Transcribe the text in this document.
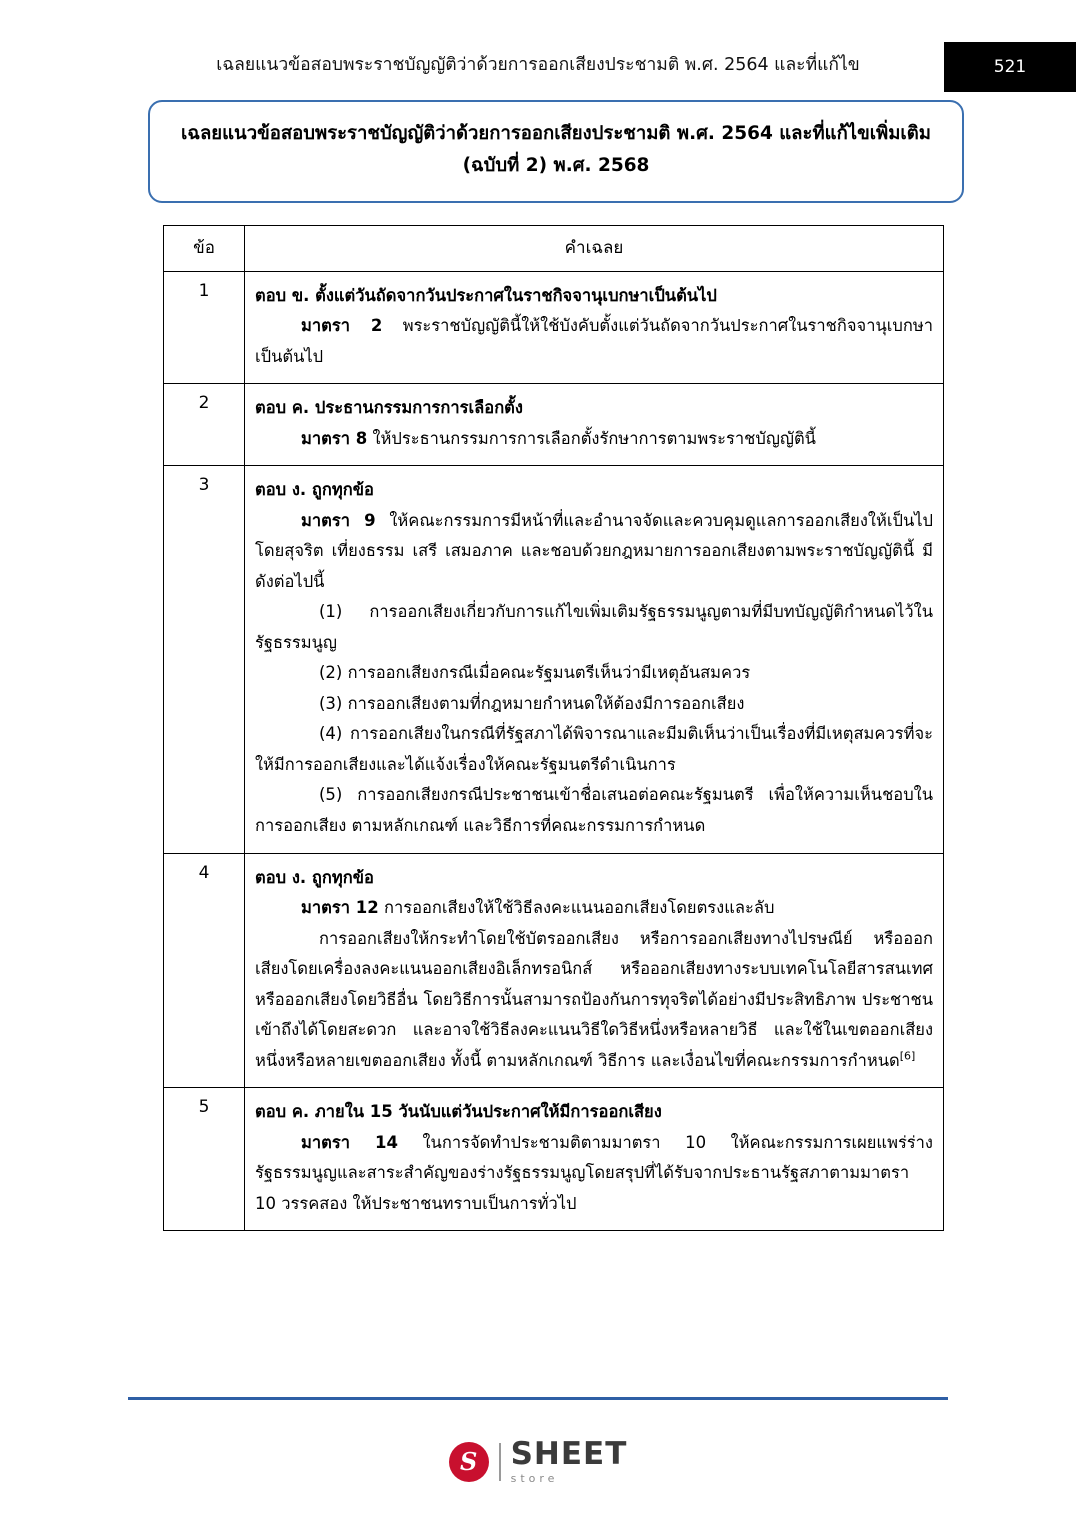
เฉลยแนวข้อสอบพระราชบัญญัติว่าด้วยการออกเสียงประชามติ พ.ศ. 2564 และที่แก้ไข	521
เฉลยแนวข้อสอบพระราชบัญญัติว่าด้วยการออกเสียงประชามติ พ.ศ. 2564 และที่แก้ไขเพิ่มเติม
(ฉบับที่ 2) พ.ศ. 2568
ข้อ	คำเฉลย
1	ตอบ ข. ตั้งแต่วันถัดจากวันประกาศในราชกิจจานุเบกษาเป็นต้นไป

มาตรา 2 พระราชบัญญัตินี้ให้ใช้บังคับตั้งแต่วันถัดจากวันประกาศในราชกิจจานุเบกษาเป็นต้นไป

2	ตอบ ค. ประธานกรรมการการเลือกตั้ง

มาตรา 8 ให้ประธานกรรมการการเลือกตั้งรักษาการตามพระราชบัญญัตินี้

3	ตอบ ง. ถูกทุกข้อ

มาตรา 9 ให้คณะกรรมการมีหน้าที่และอำนาจจัดและควบคุมดูแลการออกเสียงให้เป็นไปโดยสุจริต เที่ยงธรรม เสรี เสมอภาค และชอบด้วยกฎหมายการออกเสียงตามพระราชบัญญัตินี้ มีดังต่อไปนี้

(1) การออกเสียงเกี่ยวกับการแก้ไขเพิ่มเติมรัฐธรรมนูญตามที่มีบทบัญญัติกำหนดไว้ในรัฐธรรมนูญ

(2) การออกเสียงกรณีเมื่อคณะรัฐมนตรีเห็นว่ามีเหตุอันสมควร

(3) การออกเสียงตามที่กฎหมายกำหนดให้ต้องมีการออกเสียง

(4) การออกเสียงในกรณีที่รัฐสภาได้พิจารณาและมีมติเห็นว่าเป็นเรื่องที่มีเหตุสมควรที่จะให้มีการออกเสียงและได้แจ้งเรื่องให้คณะรัฐมนตรีดำเนินการ

(5) การออกเสียงกรณีประชาชนเข้าชื่อเสนอต่อคณะรัฐมนตรี เพื่อให้ความเห็นชอบในการออกเสียง ตามหลักเกณฑ์ และวิธีการที่คณะกรรมการกำหนด

4	ตอบ ง. ถูกทุกข้อ

มาตรา 12 การออกเสียงให้ใช้วิธีลงคะแนนออกเสียงโดยตรงและลับ

การออกเสียงให้กระทำโดยใช้บัตรออกเสียง หรือการออกเสียงทางไปรษณีย์ หรือออกเสียงโดยเครื่องลงคะแนนออกเสียงอิเล็กทรอนิกส์ หรือออกเสียงทางระบบเทคโนโลยีสารสนเทศ หรือออกเสียงโดยวิธีอื่น โดยวิธีการนั้นสามารถป้องกันการทุจริตได้อย่างมีประสิทธิภาพ ประชาชนเข้าถึงได้โดยสะดวก และอาจใช้วิธีลงคะแนนวิธีใดวิธีหนึ่งหรือหลายวิธี และใช้ในเขตออกเสียงหนึ่งหรือหลายเขตออกเสียง ทั้งนี้ ตามหลักเกณฑ์ วิธีการ และเงื่อนไขที่คณะกรรมการกำหนด[6]

5	ตอบ ค. ภายใน 15 วันนับแต่วันประกาศให้มีการออกเสียง

มาตรา 14 ในการจัดทำประชามติตามมาตรา 10 ให้คณะกรรมการเผยแพร่ร่างรัฐธรรมนูญและสาระสำคัญของร่างรัฐธรรมนูญโดยสรุปที่ได้รับจากประธานรัฐสภาตามมาตรา 10 วรรคสอง ให้ประชาชนทราบเป็นการทั่วไป

S	SHEET
store
